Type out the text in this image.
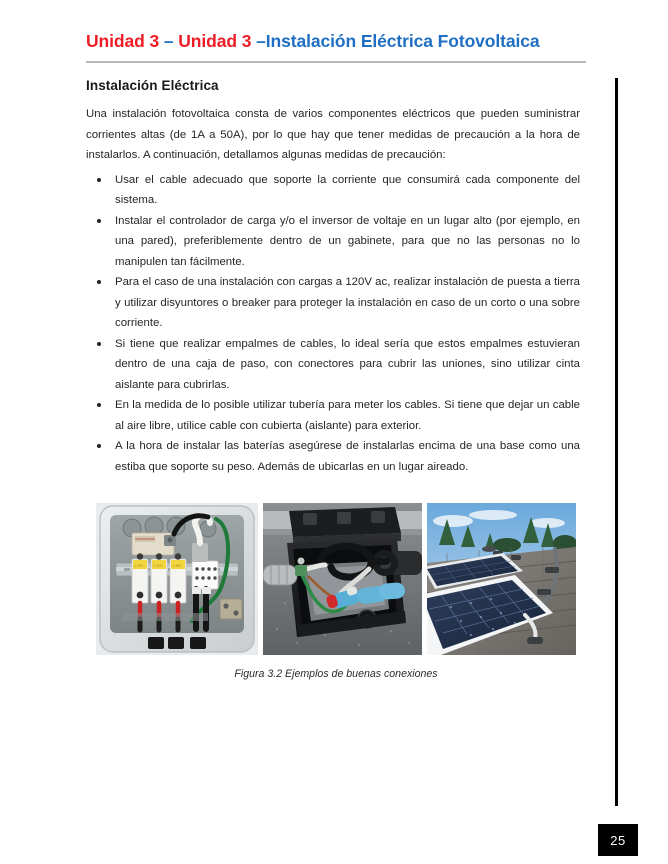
Unidad 3 – Unidad 3 –Instalación Eléctrica Fotovoltaica
Instalación Eléctrica

Una instalación fotovoltaica consta de varios componentes eléctricos que pueden suministrar corrientes altas (de 1A a 50A), por lo que hay que tener medidas de precaución a la hora de instalarlos. A continuación, detallamos algunas medidas de precaución:

Usar el cable adecuado que soporte la corriente que consumirá cada componente del sistema.
Instalar el controlador de carga y/o el inversor de voltaje en un lugar alto (por ejemplo, en una pared), preferiblemente dentro de un gabinete, para que no las personas no lo manipulen tan fácilmente.
Para el caso de una instalación con cargas a 120V ac, realizar instalación de puesta a tierra y utilizar disyuntores o breaker para proteger la instalación en caso de un corto o una sobre corriente.
Si tiene que realizar empalmes de cables, lo ideal sería que estos empalmes estuvieran dentro de una caja de paso, con conectores para cubrir las uniones, sino utilizar cinta aislante para cubrirlas.
En la medida de lo posible utilizar tubería para meter los cables. Si tiene que dejar un cable al aire libre, utilice cable con cubierta (aislante) para exterior.
A la hora de instalar las baterías asegúrese de instalarlas encima de una base como una estiba que soporte su peso. Además de ubicarlas en un lugar aireado.
C 16A	C 16A	C 16A
Figura 3.2 Ejemplos de buenas conexiones
25
